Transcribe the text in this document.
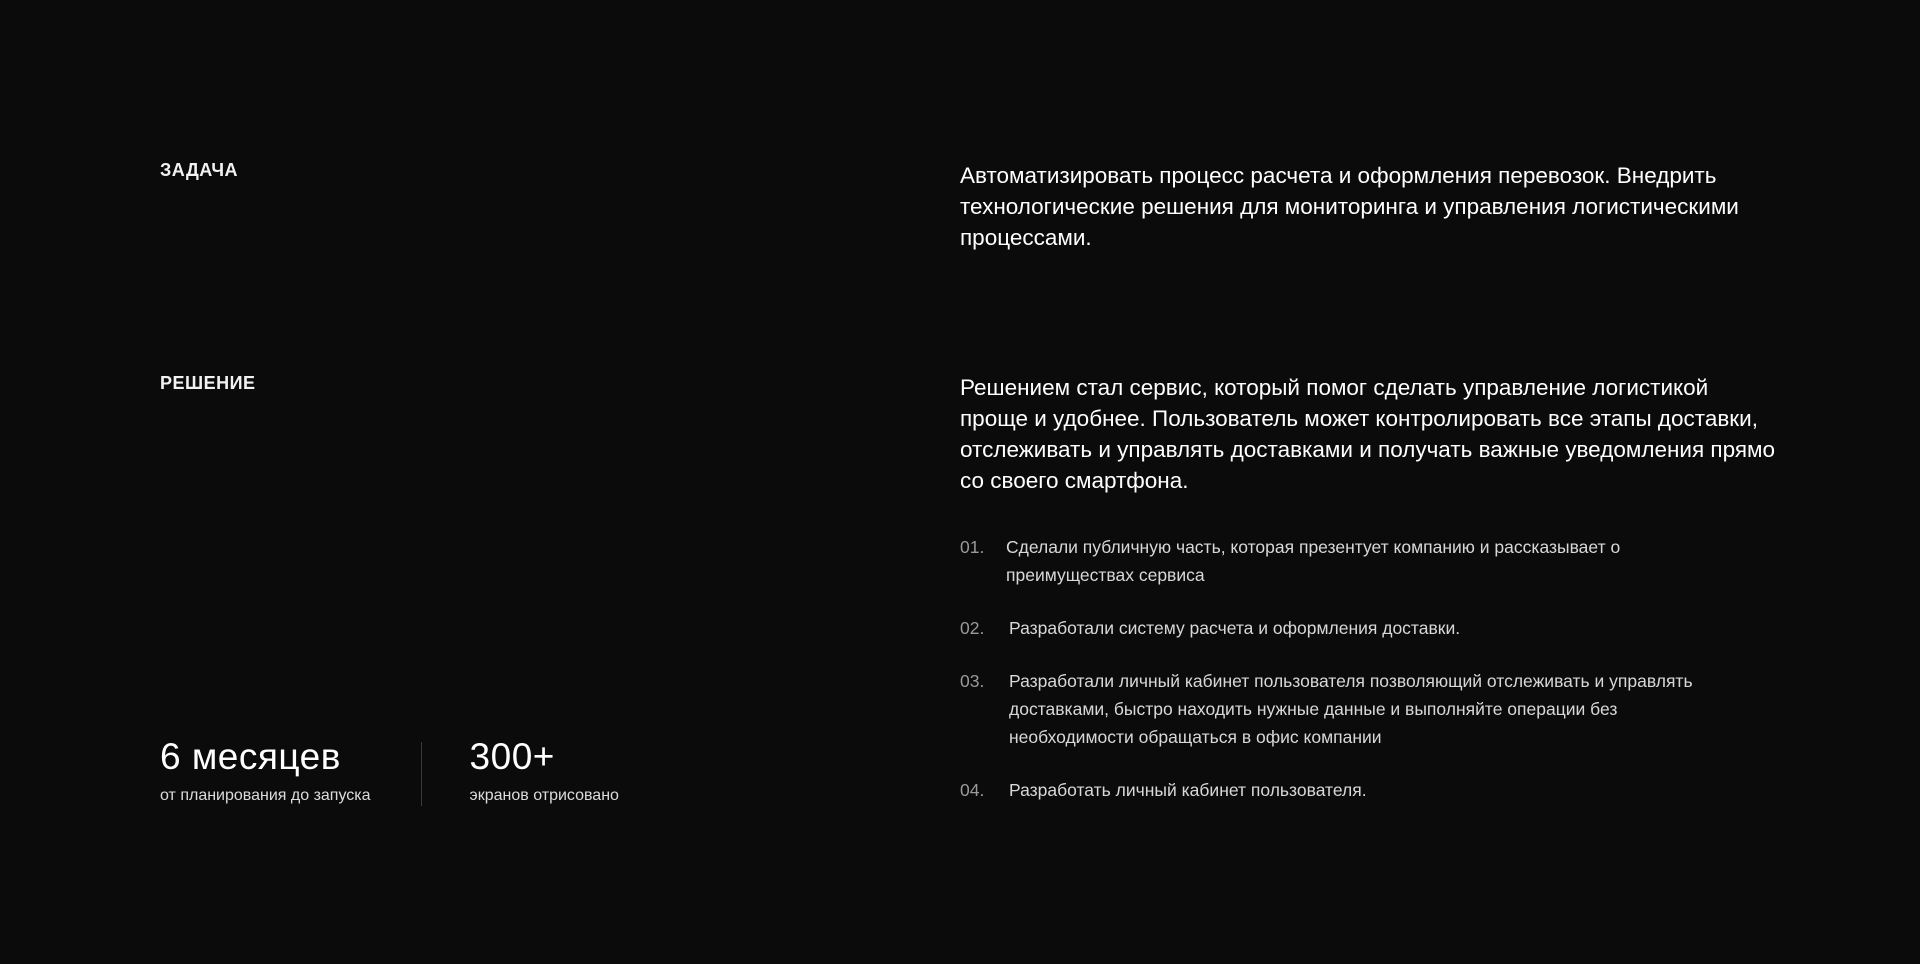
ЗАДАЧА	Автоматизировать процесс расчета и оформления перевозок. Внедрить технологические решения для мониторинга и управления логистическими процессами.

РЕШЕНИЕ	Решением стал сервис, который помог сделать управление логистикой проще и удобнее. Пользователь может контролировать все этапы доставки, отслеживать и управлять доставками и получать важные уведомления прямо со своего смартфона.

01.	Сделали публичную часть, которая презентует компанию и рассказывает о преимуществах сервиса
02.	Разработали систему расчета и оформления доставки.
03.	Разработали личный кабинет пользователя позволяющий отслеживать и управлять доставками, быстро находить нужные данные и выполняйте операции без необходимости обращаться в офис компании
04.	Разработать личный кабинет пользователя.
6 месяцев
от планирования до запуска
300+
экранов отрисовано
